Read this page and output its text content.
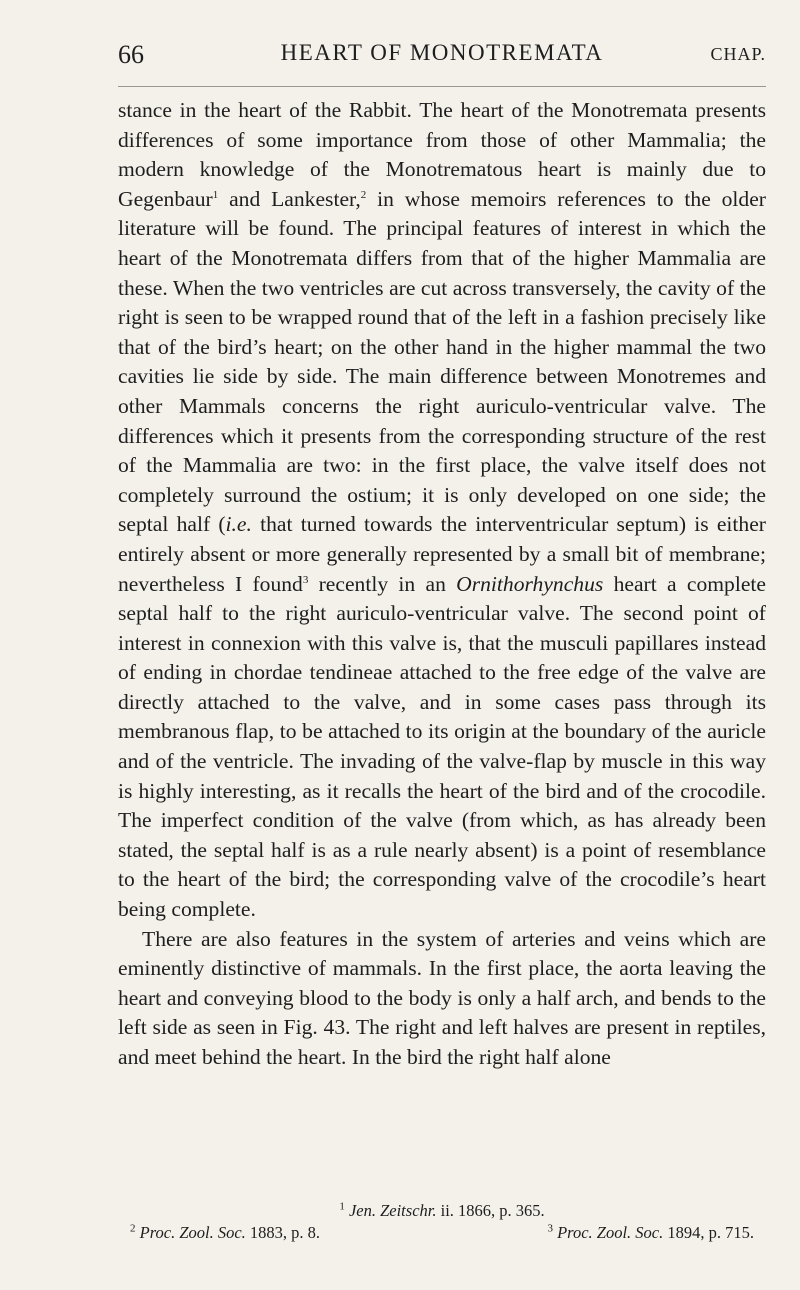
66	HEART OF MONOTREMATA	CHAP.

stance in the heart of the Rabbit. The heart of the Monotremata presents differences of some importance from those of other Mammalia; the modern knowledge of the Monotrematous heart is mainly due to Gegenbaur$^1$ and Lankester,$^2$ in whose memoirs references to the older literature will be found. The principal features of interest in which the heart of the Monotremata differs from that of the higher Mammalia are these. When the two ventricles are cut across transversely, the cavity of the right is seen to be wrapped round that of the left in a fashion precisely like that of the bird’s heart; on the other hand in the higher mammal the two cavities lie side by side. The main difference between Monotremes and other Mammals concerns the right auriculo-ventricular valve. The differences which it presents from the corresponding structure of the rest of the Mammalia are two: in the first place, the valve itself does not completely surround the ostium; it is only developed on one side; the septal half (i.e. that turned towards the interventricular septum) is either entirely absent or more generally represented by a small bit of membrane; nevertheless I found$^3$ recently in an Ornithorhynchus heart a complete septal half to the right auriculo-ventricular valve. The second point of interest in connexion with this valve is, that the musculi papillares instead of ending in chordae tendineae attached to the free edge of the valve are directly attached to the valve, and in some cases pass through its membranous flap, to be attached to its origin at the boundary of the auricle and of the ventricle. The invading of the valve-flap by muscle in this way is highly interesting, as it recalls the heart of the bird and of the crocodile. The imperfect condition of the valve (from which, as has already been stated, the septal half is as a rule nearly absent) is a point of resemblance to the heart of the bird; the corresponding valve of the crocodile’s heart being complete.

There are also features in the system of arteries and veins which are eminently distinctive of mammals. In the first place, the aorta leaving the heart and conveying blood to the body is only a half arch, and bends to the left side as seen in Fig. 43. The right and left halves are present in reptiles, and meet behind the heart. In the bird the right half alone

$^1$ Jen. Zeitschr. ii. 1866, p. 365.
$^2$ Proc. Zool. Soc. 1883, p. 8.	$^3$ Proc. Zool. Soc. 1894, p. 715.
